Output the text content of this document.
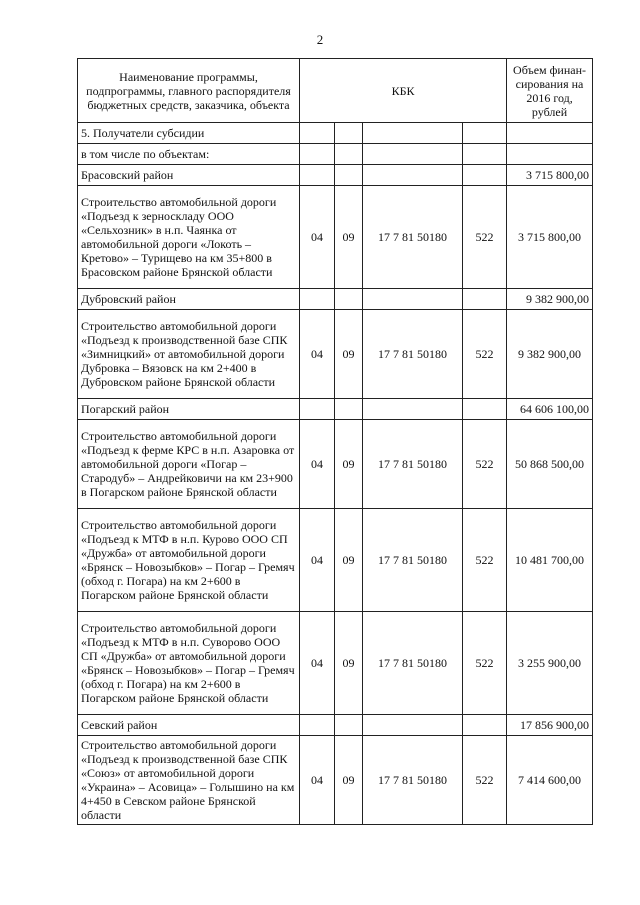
2
Наименование программы, подпрограммы, главного распорядителя бюджетных средств, заказчика, объекта	КБК				Объем финан-сирования на 2016 год, рублей
5. Получатели субсидии					
в том числе по объектам:					
Брасовский район					3 715 800,00
Строительство автомобильной дороги «Подъезд к зерноскладу ООО «Сельхозник» в н.п. Чаянка от автомобильной дороги «Локоть – Кретово» – Турищево на км 35+800 в Брасовском районе Брянской области	04	09	17 7 81 50180	522	3 715 800,00
Дубровский район					9 382 900,00
Строительство автомобильной дороги «Подъезд к производственной базе СПК «Зимницкий» от автомобильной дороги Дубровка – Вязовск на км 2+400 в Дубровском районе Брянской области	04	09	17 7 81 50180	522	9 382 900,00
Погарский район					64 606 100,00
Строительство автомобильной дороги «Подъезд к ферме КРС в н.п. Азаровка от автомобильной дороги «Погар – Стародуб» – Андрейковичи на км 23+900 в Погарском районе Брянской области	04	09	17 7 81 50180	522	50 868 500,00
Строительство автомобильной дороги «Подъезд к МТФ в н.п. Курово ООО СП «Дружба» от автомобильной дороги «Брянск – Новозыбков» – Погар – Гремяч (обход г. Погара) на км 2+600 в Погарском районе Брянской области	04	09	17 7 81 50180	522	10 481 700,00
Строительство автомобильной дороги «Подъезд к МТФ в н.п. Суворово ООО СП «Дружба» от автомобильной дороги «Брянск – Новозыбков» – Погар – Гремяч (обход г. Погара) на км 2+600 в Погарском районе Брянской области	04	09	17 7 81 50180	522	3 255 900,00
Севский район					17 856 900,00
Строительство автомобильной дороги «Подъезд к производственной базе СПК «Союз» от автомобильной дороги «Украина» – Асовица» – Голышино на км 4+450 в Севском районе Брянской области	04	09	17 7 81 50180	522	7 414 600,00
